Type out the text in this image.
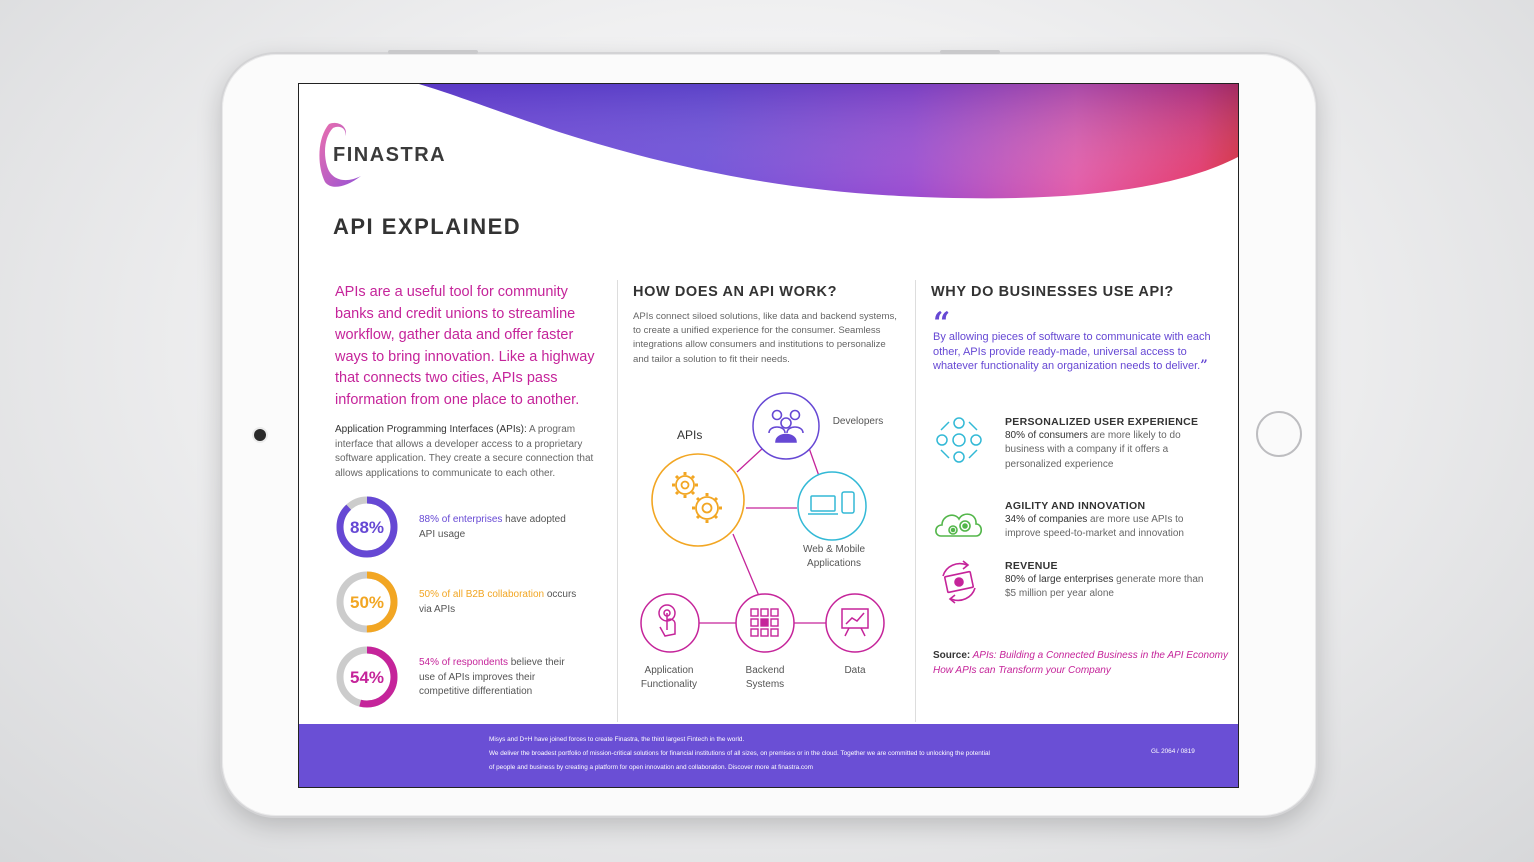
FINASTRA
API EXPLAINED

APIs are a useful tool for community banks and credit unions to streamline workflow, gather data and offer faster ways to bring innovation. Like a highway that connects two cities, APIs pass information from one place to another.

Application Programming Interfaces (APIs): A program interface that allows a developer access to a proprietary software application. They create a secure connection that allows applications to communicate to each other.

88%	88% of enterprises have adopted API usage
50%	50% of all B2B collaboration occurs via APIs
54%
54% of respondents believe their use of APIs improves their competitive differentiation
HOW DOES AN API WORK?

APIs connect siloed solutions, like data and backend systems, to create a unified experience for the consumer. Seamless integrations allow consumers and institutions to personalize and tailor a solution to fit their needs.

APIs
Developers
Web & Mobile
Applications
Application
Functionality
Backend
Systems
Data
WHY DO BUSINESSES USE API?
“

By allowing pieces of software to communicate with each other, APIs provide ready-made, universal access to whatever functionality an organization needs to deliver.”

PERSONALIZED USER EXPERIENCE
80% of consumers are more likely to do business with a company if it offers a personalized experience
AGILITY AND INNOVATION
34% of companies are more use APIs to improve speed-to-market and innovation
REVENUE
80% of large enterprises generate more than $5 million per year alone
Source: APIs: Building a Connected Business in the API Economy
How APIs can Transform your Company
Misys and D+H have joined forces to create Finastra, the third largest Fintech in the world.
We deliver the broadest portfolio of mission-critical solutions for financial institutions of all sizes, on premises or in the cloud. Together we are committed to unlocking the potential
of people and business by creating a platform for open innovation and collaboration. Discover more at finastra.com
GL 2064 / 0819
